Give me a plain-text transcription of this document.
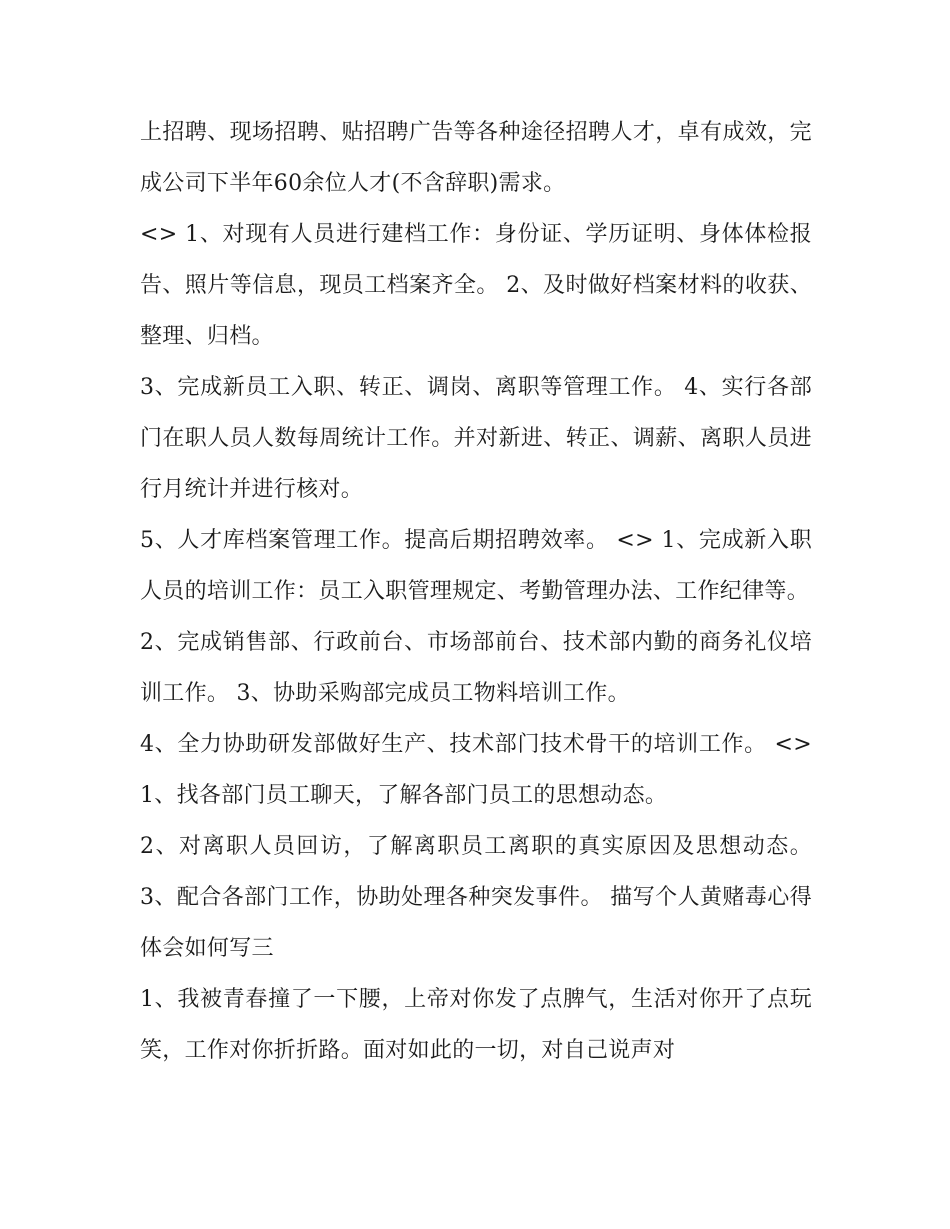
上招聘、现场招聘、贴招聘广告等各种途径招聘人才，卓有成效，完成公司下半年60余位人才(不含辞职)需求。

<> 1、对现有人员进行建档工作：身份证、学历证明、身体体检报告、照片等信息，现员工档案齐全。 2、及时做好档案材料的收获、整理、归档。

3、完成新员工入职、转正、调岗、离职等管理工作。 4、实行各部门在职人员人数每周统计工作。并对新进、转正、调薪、离职人员进行月统计并进行核对。

5、人才库档案管理工作。提高后期招聘效率。 <> 1、完成新入职人员的培训工作：员工入职管理规定、考勤管理办法、工作纪律等。

2、完成销售部、行政前台、市场部前台、技术部内勤的商务礼仪培训工作。 3、协助采购部完成员工物料培训工作。

4、全力协助研发部做好生产、技术部门技术骨干的培训工作。 <> 1、找各部门员工聊天，了解各部门员工的思想动态。

2、对离职人员回访，了解离职员工离职的真实原因及思想动态。 3、配合各部门工作，协助处理各种突发事件。 描写个人黄赌毒心得体会如何写三

1、我被青春撞了一下腰，上帝对你发了点脾气，生活对你开了点玩笑，工作对你折折路。面对如此的一切，对自己说声对
